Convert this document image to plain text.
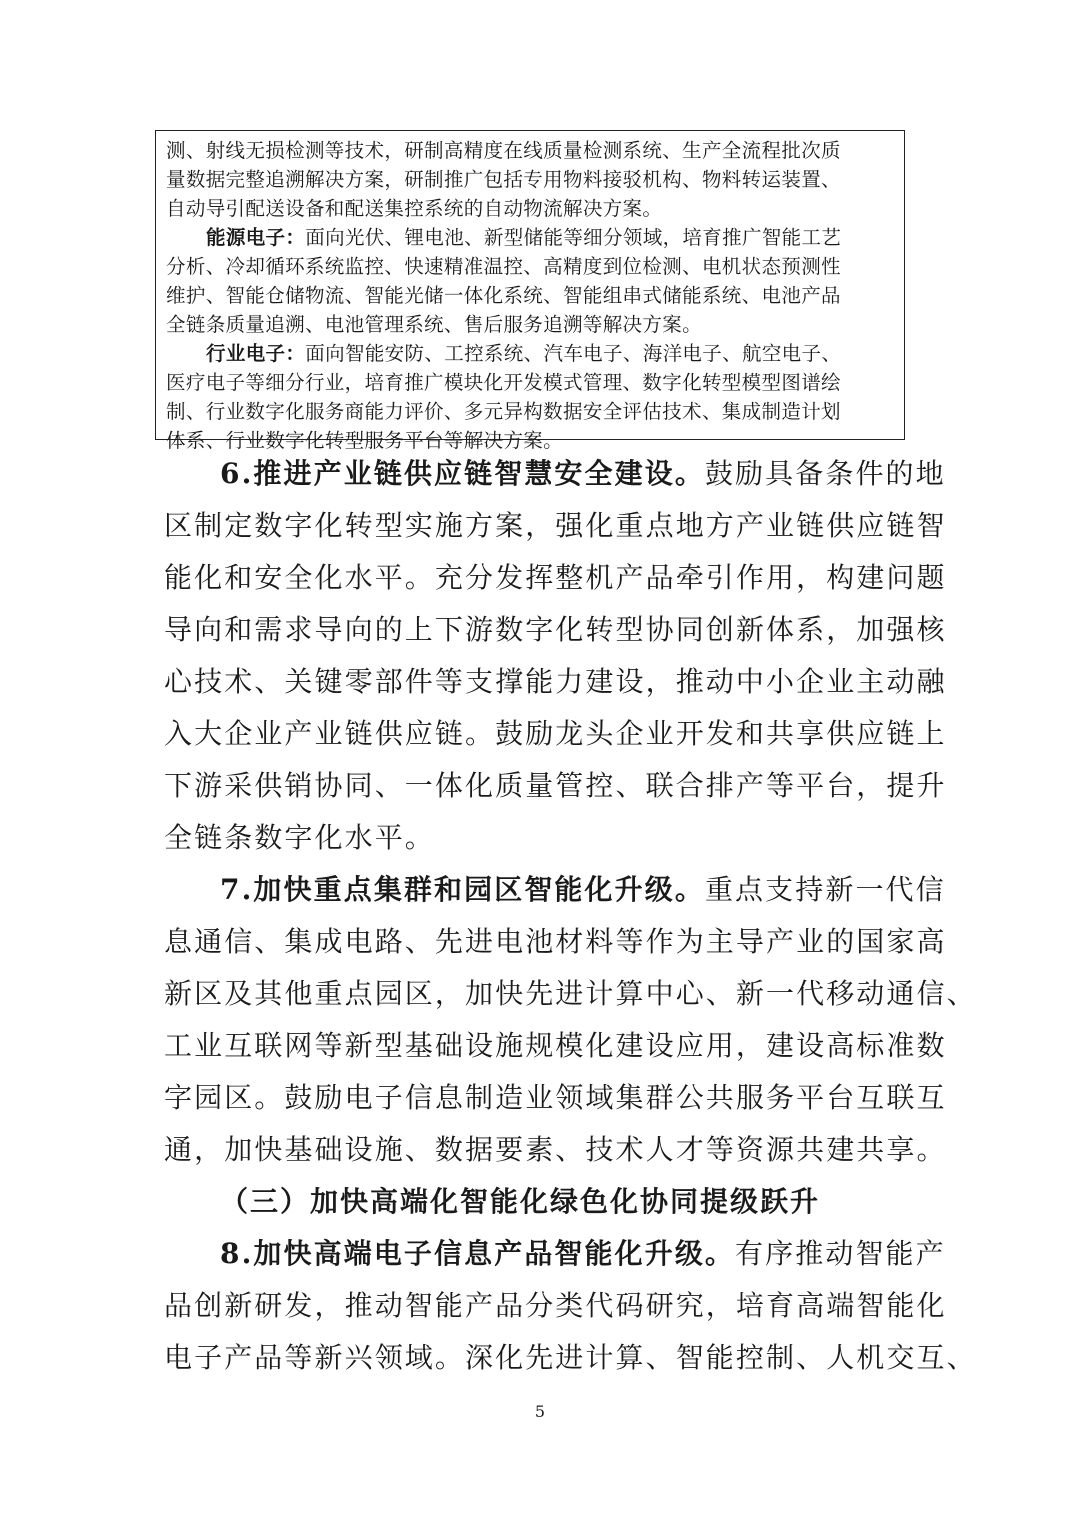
测、射线无损检测等技术，研制高精度在线质量检测系统、生产全流程批次质
量数据完整追溯解决方案，研制推广包括专用物料接驳机构、物料转运装置、
自动导引配送设备和配送集控系统的自动物流解决方案。
能源电子：面向光伏、锂电池、新型储能等细分领域，培育推广智能工艺
分析、冷却循环系统监控、快速精准温控、高精度到位检测、电机状态预测性
维护、智能仓储物流、智能光储一体化系统、智能组串式储能系统、电池产品
全链条质量追溯、电池管理系统、售后服务追溯等解决方案。
行业电子：面向智能安防、工控系统、汽车电子、海洋电子、航空电子、
医疗电子等细分行业，培育推广模块化开发模式管理、数字化转型模型图谱绘
制、行业数字化服务商能力评价、多元异构数据安全评估技术、集成制造计划
体系、行业数字化转型服务平台等解决方案。
6.推进产业链供应链智慧安全建设。鼓励具备条件的地
区制定数字化转型实施方案，强化重点地方产业链供应链智
能化和安全化水平。充分发挥整机产品牵引作用，构建问题
导向和需求导向的上下游数字化转型协同创新体系，加强核
心技术、关键零部件等支撑能力建设，推动中小企业主动融
入大企业产业链供应链。鼓励龙头企业开发和共享供应链上
下游采供销协同、一体化质量管控、联合排产等平台，提升
全链条数字化水平。
7.加快重点集群和园区智能化升级。重点支持新一代信
息通信、集成电路、先进电池材料等作为主导产业的国家高
新区及其他重点园区，加快先进计算中心、新一代移动通信、
工业互联网等新型基础设施规模化建设应用，建设高标准数
字园区。鼓励电子信息制造业领域集群公共服务平台互联互
通，加快基础设施、数据要素、技术人才等资源共建共享。
（三）加快高端化智能化绿色化协同提级跃升
8.加快高端电子信息产品智能化升级。有序推动智能产
品创新研发，推动智能产品分类代码研究，培育高端智能化
电子产品等新兴领域。深化先进计算、智能控制、人机交互、
5
